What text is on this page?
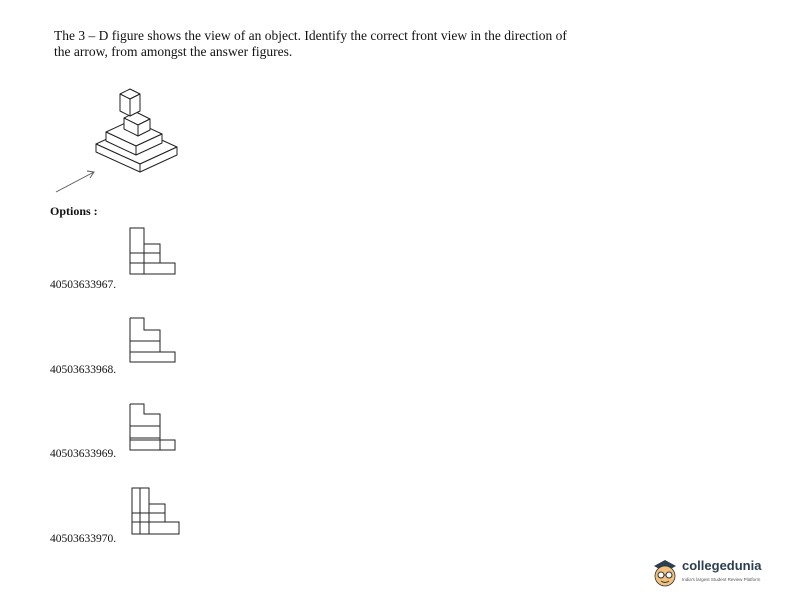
The 3 – D figure shows the view of an object. Identify the correct front view in the direction of
the arrow, from amongst the answer figures.
Options :
40503633967.
40503633968.
40503633969.
40503633970.
collegedunia
India's largest Student Review Platform
